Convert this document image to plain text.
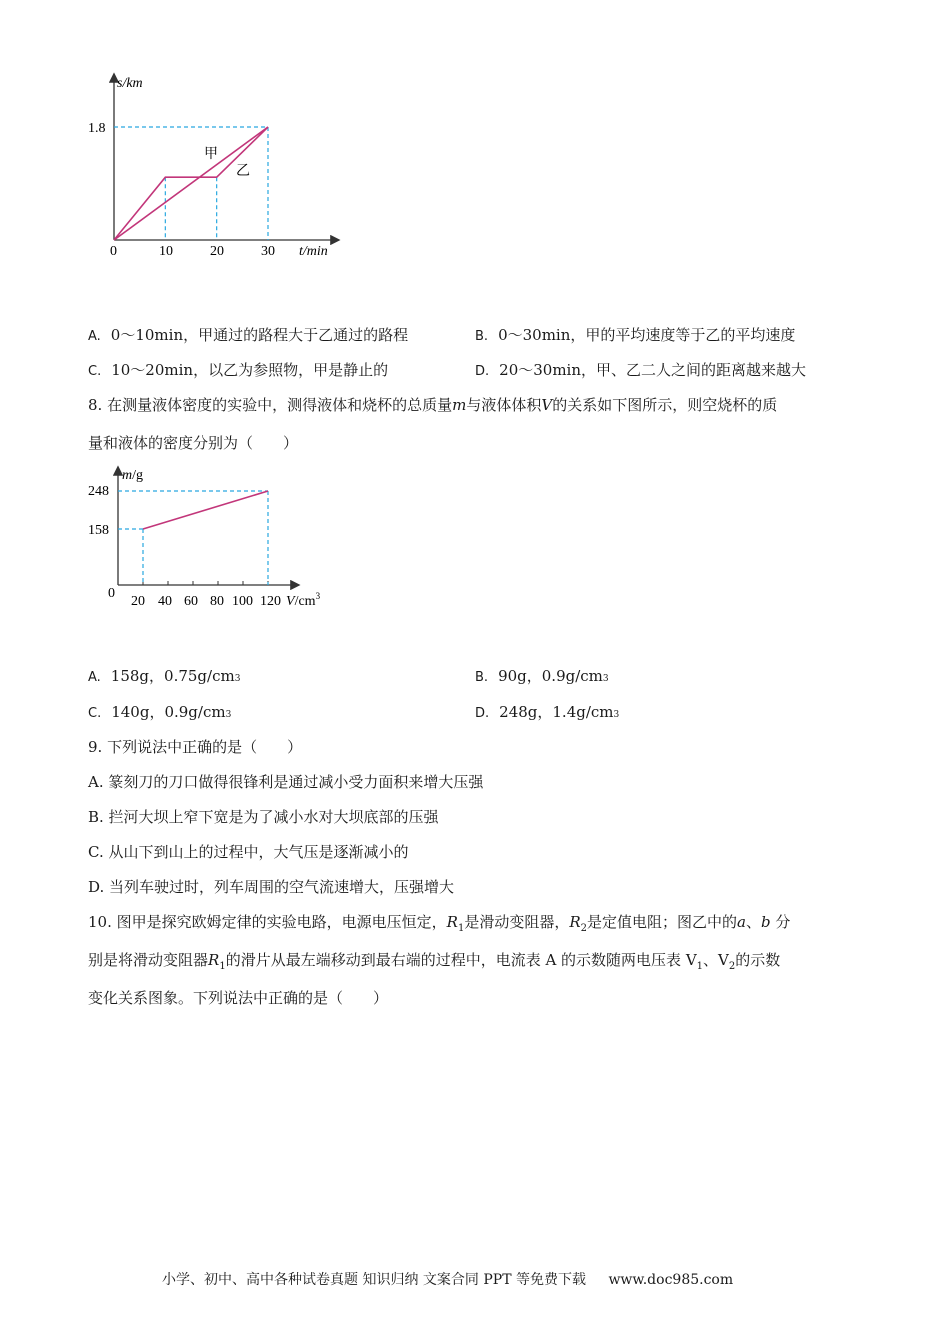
s/km
1.8
0	10	20	30 t/min
甲
乙
A. 0～10min，甲通过的路程大于乙通过的路程	B. 0～30min，甲的平均速度等于乙的平均速度
C. 10～20min，以乙为参照物，甲是静止的	D. 20～30min，甲、乙二人之间的距离越来越大
8. 在测量液体密度的实验中，测得液体和烧杯的总质量m与液体体积V的关系如下图所示，则空烧杯的质
量和液体的密度分别为（　　）
m/g
248
158
0
20 40 60 80 100 120 $V/cm^3$
A. 158g，$0.75g/cm_3$	B. 90g，$0.9g/cm_3$
C. 140g，$0.9g/cm_3$	D. 248g，$1.4g/cm_3$
9. 下列说法中正确的是（　　）
A. 篆刻刀的刀口做得很锋利是通过减小受力面积来增大压强
B. 拦河大坝上窄下宽是为了减小水对大坝底部的压强
C. 从山下到山上的过程中，大气压是逐渐减小的
D. 当列车驶过时，列车周围的空气流速增大，压强增大
10. 图甲是探究欧姆定律的实验电路，电源电压恒定，$R_1$是滑动变阻器，$R_2$是定值电阻；图乙中的a、b 分
别是将滑动变阻器$R_1$的滑片从最左端移动到最右端的过程中，电流表 A 的示数随两电压表 $V_1$、$V_2$的示数
变化关系图象。下列说法中正确的是（　　）
小学、初中、高中各种试卷真题 知识归纳 文案合同 PPT 等免费下载 www.doc985.com
